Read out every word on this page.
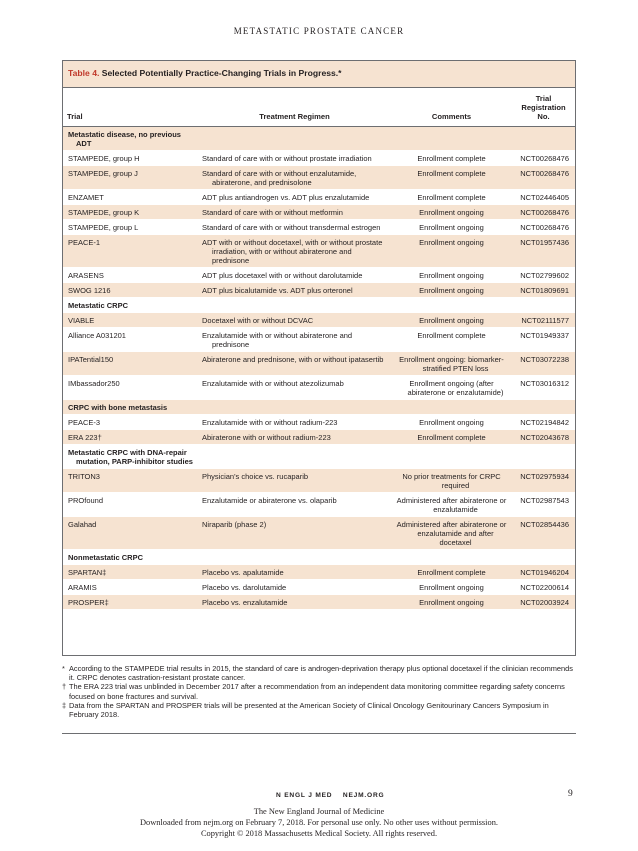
METASTATIC PROSTATE CANCER
Table 4. Selected Potentially Practice-Changing Trials in Progress.*
Trial	Treatment Regimen	Comments	Trial Registration No.

Metastatic disease, no previous ADT			

STAMPEDE, group H	Standard of care with or without prostate irradiation	Enrollment complete	NCT00268476
STAMPEDE, group J	Standard of care with or without enzalutamide, abiraterone, and prednisolone	Enrollment complete	NCT00268476
ENZAMET	ADT plus antiandrogen vs. ADT plus enzalutamide	Enrollment complete	NCT02446405
STAMPEDE, group K	Standard of care with or without metformin	Enrollment ongoing	NCT00268476
STAMPEDE, group L	Standard of care with or without transdermal estrogen	Enrollment ongoing	NCT00268476
PEACE-1	ADT with or without docetaxel, with or without prostate irradiation, with or without abiraterone and prednisone	Enrollment ongoing	NCT01957436
ARASENS	ADT plus docetaxel with or without darolutamide	Enrollment ongoing	NCT02799602
SWOG 1216	ADT plus bicalutamide vs. ADT plus orteronel	Enrollment ongoing	NCT01809691

Metastatic CRPC			

VIABLE	Docetaxel with or without DCVAC	Enrollment ongoing	NCT02111577
Alliance A031201	Enzalutamide with or without abiraterone and prednisone	Enrollment complete	NCT01949337
IPATential150	Abiraterone and prednisone, with or without ipatasertib	Enrollment ongoing: biomarker-stratified PTEN loss	NCT03072238
IMbassador250	Enzalutamide with or without atezolizumab	Enrollment ongoing (after abiraterone or enzalutamide)	NCT03016312

CRPC with bone metastasis			

PEACE-3	Enzalutamide with or without radium-223	Enrollment ongoing	NCT02194842
ERA 223†	Abiraterone with or without radium-223	Enrollment complete	NCT02043678

Metastatic CRPC with DNA-repair mutation, PARP-inhibitor studies			

TRITON3	Physician's choice vs. rucaparib	No prior treatments for CRPC required	NCT02975934
PROfound	Enzalutamide or abiraterone vs. olaparib	Administered after abiraterone or enzalutamide	NCT02987543
Galahad	Niraparib (phase 2)	Administered after abiraterone or enzalutamide and after docetaxel	NCT02854436

Nonmetastatic CRPC			

SPARTAN‡	Placebo vs. apalutamide	Enrollment complete	NCT01946204
ARAMIS	Placebo vs. darolutamide	Enrollment ongoing	NCT02200614
PROSPER‡	Placebo vs. enzalutamide	Enrollment ongoing	NCT02003924
* According to the STAMPEDE trial results in 2015, the standard of care is androgen-deprivation therapy plus optional docetaxel if the clinician recommends it. CRPC denotes castration-resistant prostate cancer.
† The ERA 223 trial was unblinded in December 2017 after a recommendation from an independent data monitoring committee regarding safety concerns focused on bone fractures and survival.
‡ Data from the SPARTAN and PROSPER trials will be presented at the American Society of Clinical Oncology Genitourinary Cancers Symposium in February 2018.
N ENGL J MED    NEJM.ORG	9
The New England Journal of Medicine
Downloaded from nejm.org on February 7, 2018. For personal use only. No other uses without permission.
Copyright © 2018 Massachusetts Medical Society. All rights reserved.
